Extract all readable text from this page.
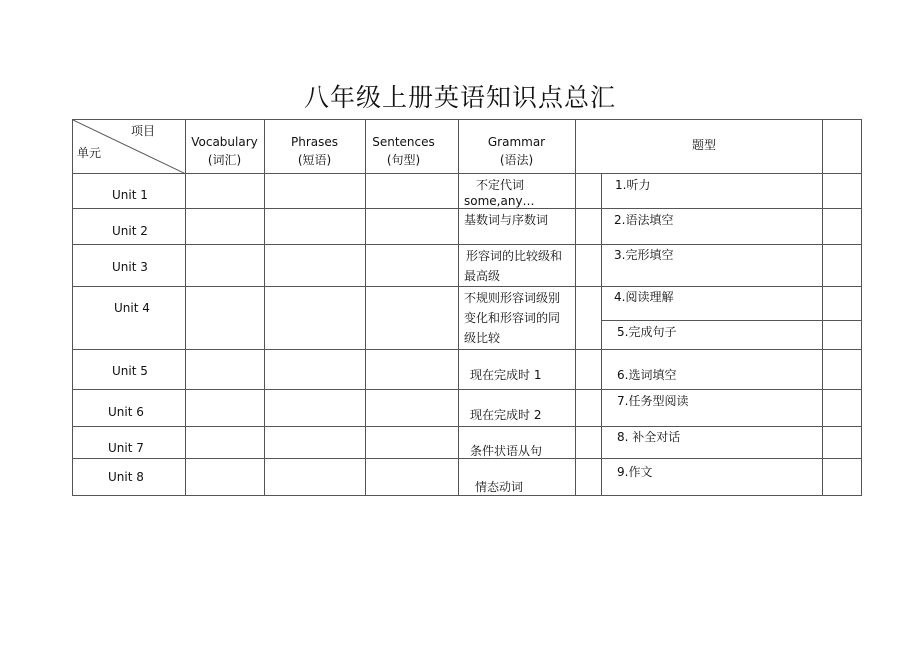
八年级上册英语知识点总汇
项目
单元
Vocabulary
(词汇)
Phrases
(短语)
Sentences
(句型)
Grammar
(语法)
题型
Unit 1
Unit 2
Unit 3
Unit 4
Unit 5
Unit 6
Unit 7
Unit 8
不定代词
some,any…
基数词与序数词
形容词的比较级和
最高级
不规则形容词级别
变化和形容词的同
级比较
现在完成时 1
现在完成时 2
条件状语从句
情态动词
1.听力
2.语法填空
3.完形填空
4.阅读理解
5.完成句子
6.选词填空
7.任务型阅读
8. 补全对话
9.作文
